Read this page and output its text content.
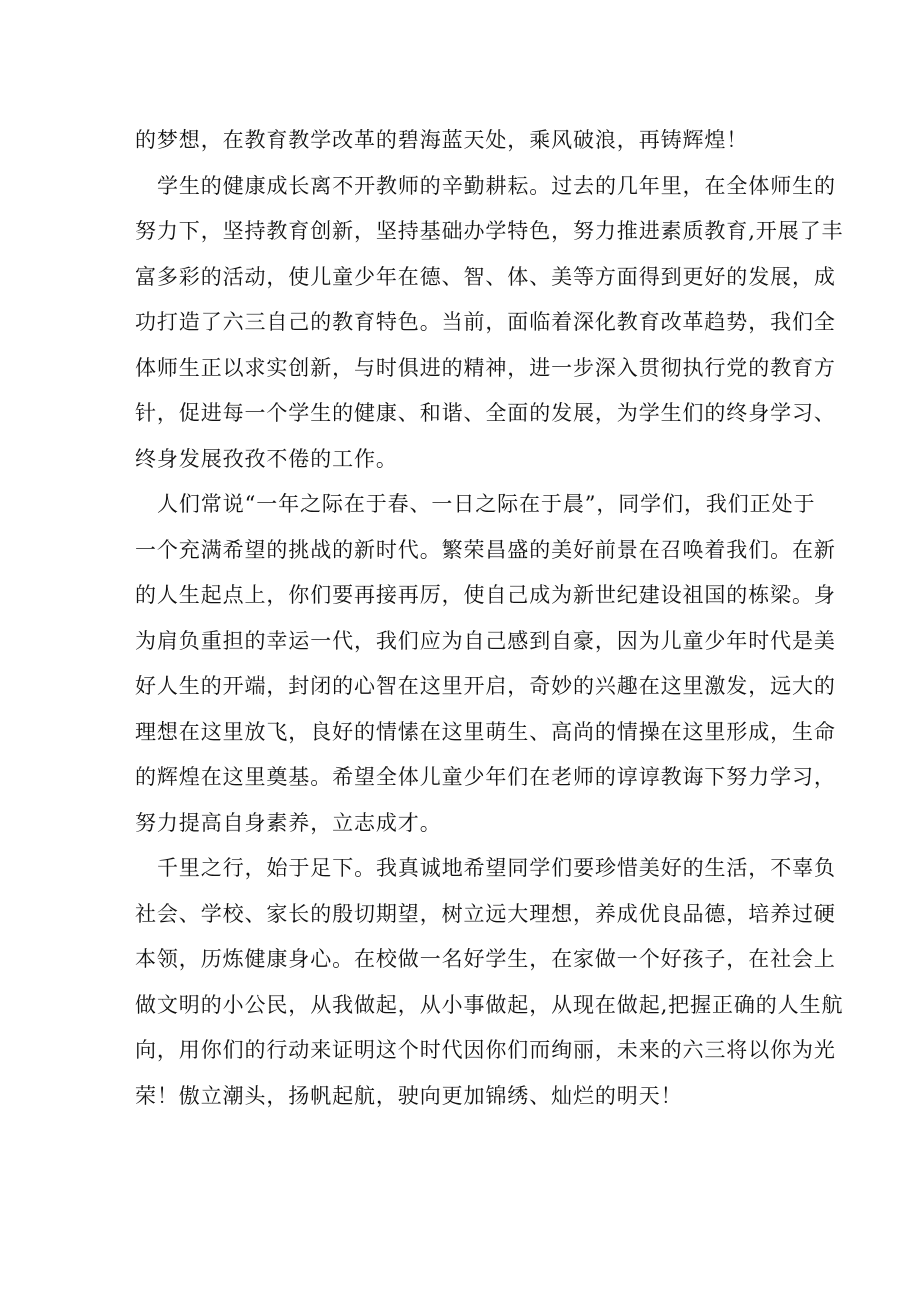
的梦想，在教育教学改革的碧海蓝天处，乘风破浪，再铸辉煌！

学生的健康成长离不开教师的辛勤耕耘。过去的几年里，在全体师生的
努力下，坚持教育创新，坚持基础办学特色，努力推进素质教育,开展了丰
富多彩的活动，使儿童少年在德、智、体、美等方面得到更好的发展，成
功打造了六三自己的教育特色。当前，面临着深化教育改革趋势，我们全
体师生正以求实创新，与时俱进的精神，进一步深入贯彻执行党的教育方
针，促进每一个学生的健康、和谐、全面的发展，为学生们的终身学习、
终身发展孜孜不倦的工作。

人们常说“一年之际在于春、一日之际在于晨”，同学们，我们正处于
一个充满希望的挑战的新时代。繁荣昌盛的美好前景在召唤着我们。在新
的人生起点上，你们要再接再厉，使自己成为新世纪建设祖国的栋梁。身
为肩负重担的幸运一代，我们应为自己感到自豪，因为儿童少年时代是美
好人生的开端，封闭的心智在这里开启，奇妙的兴趣在这里激发，远大的
理想在这里放飞，良好的情愫在这里萌生、高尚的情操在这里形成，生命
的辉煌在这里奠基。希望全体儿童少年们在老师的谆谆教诲下努力学习，
努力提高自身素养，立志成才。

千里之行，始于足下。我真诚地希望同学们要珍惜美好的生活，不辜负
社会、学校、家长的殷切期望，树立远大理想，养成优良品德，培养过硬
本领，历炼健康身心。在校做一名好学生，在家做一个好孩子，在社会上
做文明的小公民，从我做起，从小事做起，从现在做起,把握正确的人生航
向，用你们的行动来证明这个时代因你们而绚丽，未来的六三将以你为光
荣！傲立潮头，扬帆起航，驶向更加锦绣、灿烂的明天！
